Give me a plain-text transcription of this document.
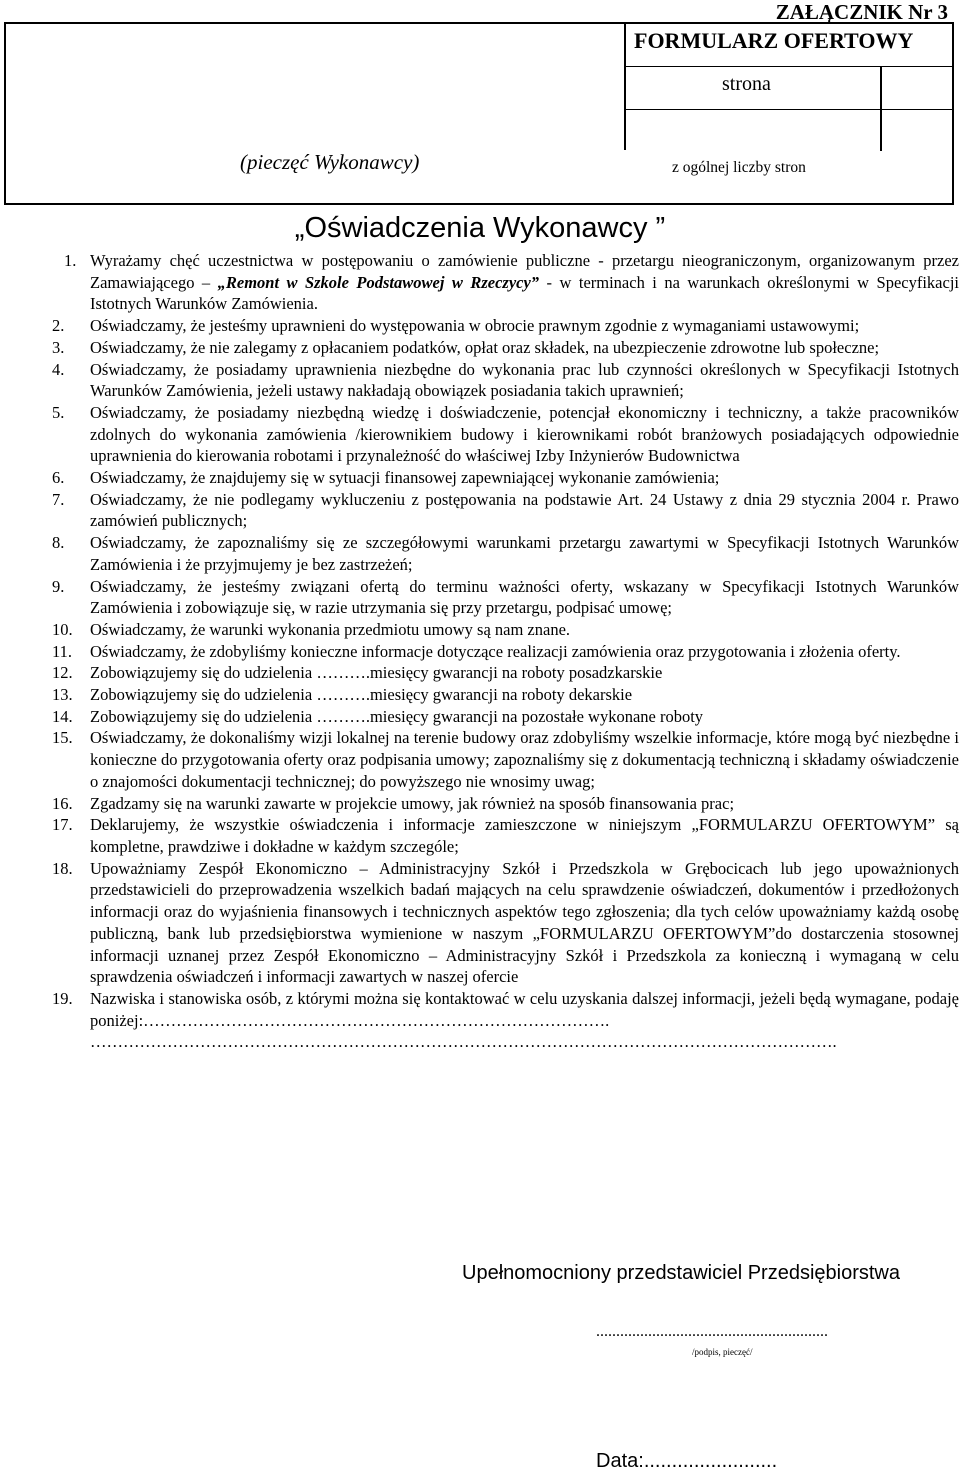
ZAŁĄCZNIK Nr 3
FORMULARZ OFERTOWY
strona
z ogólnej liczby stron
(pieczęć Wykonawcy)
„Oświadczenia Wykonawcy ”
1. Wyrażamy chęć uczestnictwa w postępowaniu o zamówienie publiczne - przetargu nieograniczonym, organizowanym przez Zamawiającego – „Remont w Szkole Podstawowej w Rzeczycy” - w terminach i na warunkach określonymi w Specyfikacji Istotnych Warunków Zamówienia.
2. Oświadczamy, że jesteśmy uprawnieni do występowania w obrocie prawnym zgodnie z wymaganiami ustawowymi;
3. Oświadczamy, że nie zalegamy z opłacaniem podatków, opłat oraz składek, na ubezpieczenie zdrowotne lub społeczne;
4. Oświadczamy, że posiadamy uprawnienia niezbędne do wykonania prac lub czynności określonych w Specyfikacji Istotnych Warunków Zamówienia, jeżeli ustawy nakładają obowiązek posiadania takich uprawnień;
5. Oświadczamy, że posiadamy niezbędną wiedzę i doświadczenie, potencjał ekonomiczny i techniczny, a także pracowników zdolnych do wykonania zamówienia /kierownikiem budowy i kierownikami robót branżowych posiadających odpowiednie uprawnienia do kierowania robotami i przynależność do właściwej Izby Inżynierów Budownictwa
6. Oświadczamy, że znajdujemy się w sytuacji finansowej zapewniającej wykonanie zamówienia;
7. Oświadczamy, że nie podlegamy wykluczeniu z postępowania na podstawie Art. 24 Ustawy z dnia 29 stycznia 2004 r. Prawo zamówień publicznych;
8. Oświadczamy, że zapoznaliśmy się ze szczegółowymi warunkami przetargu zawartymi w Specyfikacji Istotnych Warunków Zamówienia i że przyjmujemy je bez zastrzeżeń;
9. Oświadczamy, że jesteśmy związani ofertą do terminu ważności oferty, wskazany w Specyfikacji Istotnych Warunków Zamówienia i zobowiązuje się, w razie utrzymania się przy przetargu, podpisać umowę;
10. Oświadczamy, że warunki wykonania przedmiotu umowy są nam znane.
11. Oświadczamy, że zdobyliśmy konieczne informacje dotyczące realizacji zamówienia oraz przygotowania i złożenia oferty.
12. Zobowiązujemy się do udzielenia ……….miesięcy gwarancji na roboty posadzkarskie
13. Zobowiązujemy się do udzielenia ……….miesięcy gwarancji na roboty dekarskie
14. Zobowiązujemy się do udzielenia ……….miesięcy gwarancji na pozostałe wykonane roboty
15. Oświadczamy, że dokonaliśmy wizji lokalnej na terenie budowy oraz zdobyliśmy wszelkie informacje, które mogą być niezbędne i konieczne do przygotowania oferty oraz podpisania umowy; zapoznaliśmy się z dokumentacją techniczną i składamy oświadczenie o znajomości dokumentacji technicznej; do powyższego nie wnosimy uwag;
16. Zgadzamy się na warunki zawarte w projekcie umowy, jak również na sposób finansowania prac;
17. Deklarujemy, że wszystkie oświadczenia i informacje zamieszczone w niniejszym „FORMULARZU OFERTOWYM” są kompletne, prawdziwe i dokładne w każdym szczególe;
18. Upoważniamy Zespół Ekonomiczno – Administracyjny Szkół i Przedszkola w Grębocicach lub jego upoważnionych przedstawicieli do przeprowadzenia wszelkich badań mających na celu sprawdzenie oświadczeń, dokumentów i przedłożonych informacji oraz do wyjaśnienia finansowych i technicznych aspektów tego zgłoszenia; dla tych celów upoważniamy każdą osobę publiczną, bank lub przedsiębiorstwa wymienione w naszym „FORMULARZU OFERTOWYM”do dostarczenia stosownej informacji uznanej przez Zespół Ekonomiczno – Administracyjny Szkół i Przedszkola za konieczną i wymaganą w celu sprawdzenia oświadczeń i informacji zawartych w naszej ofercie
19. Nazwiska i stanowiska osób, z którymi można się kontaktować w celu uzyskania dalszej informacji, jeżeli będą wymagane, podaję poniżej:………………………………………………………………………….
……………………………………………………………………………………………………………………….
Upełnomocniony przedstawiciel Przedsiębiorstwa
..........................................................
/podpis, pieczęć/
Data:........................
